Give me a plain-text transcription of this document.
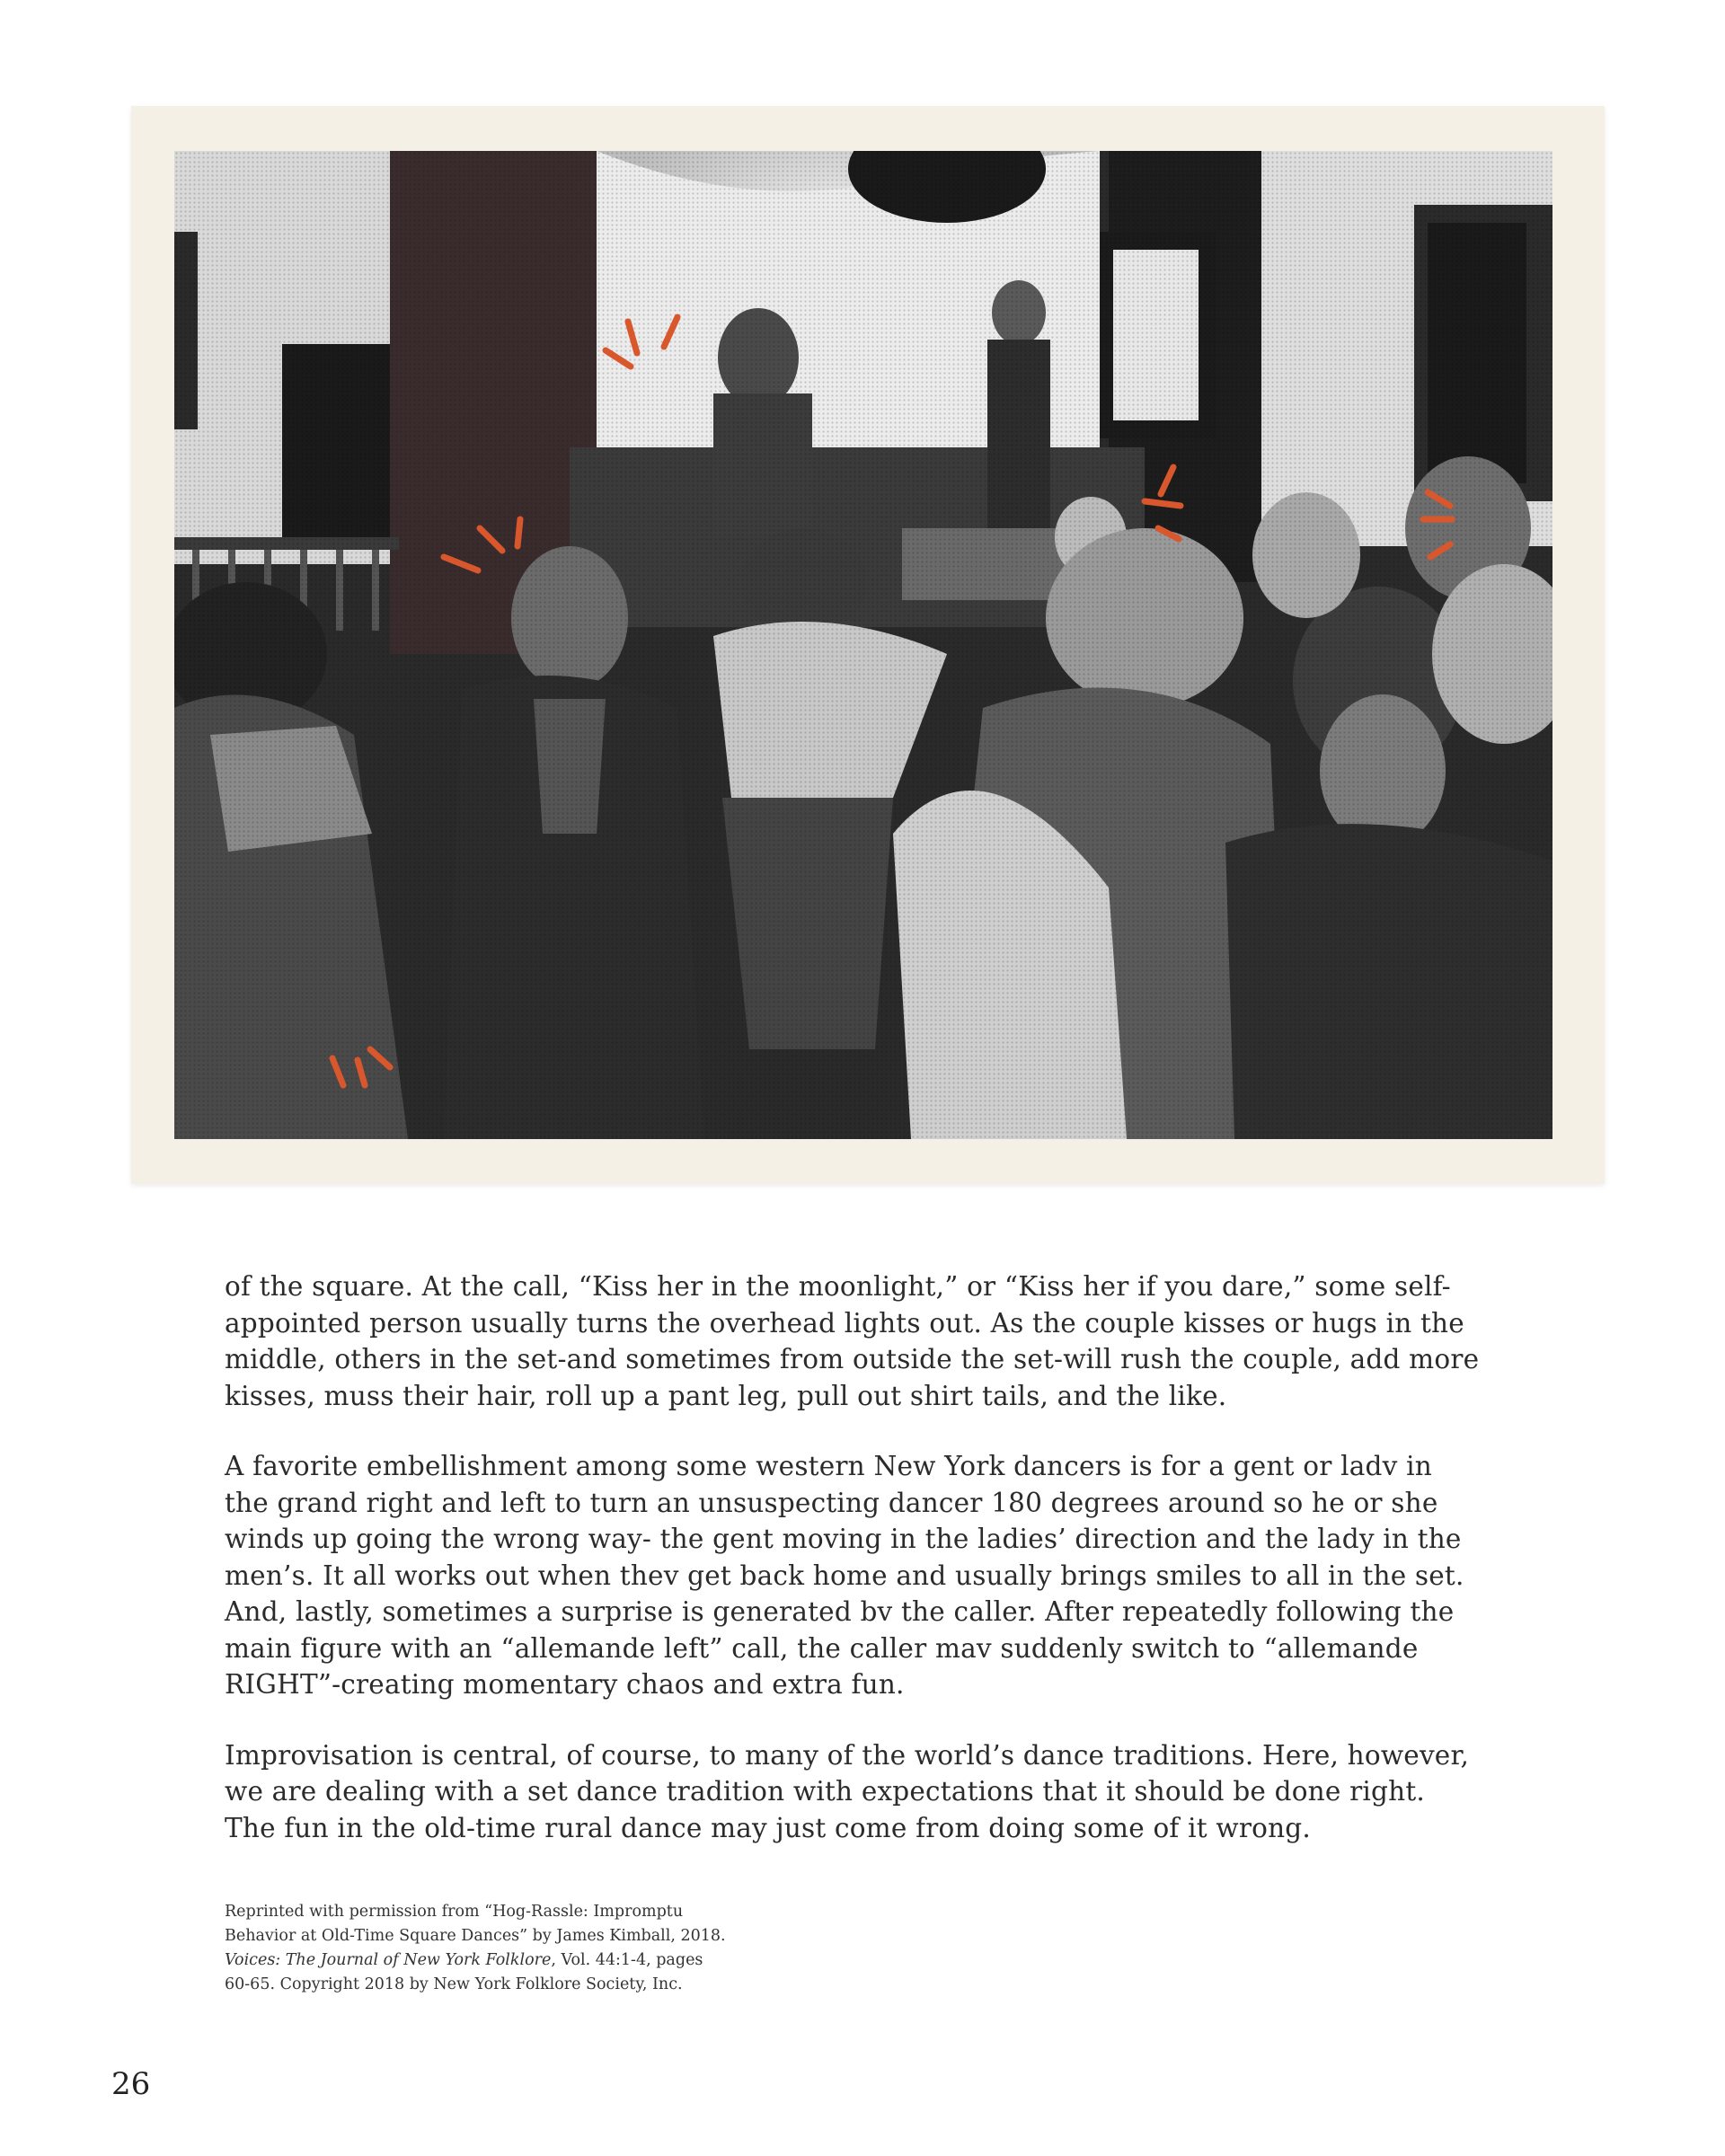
of the square. At the call, “Kiss her in the moonlight,” or “Kiss her if you dare,” some self-appointed person usually turns the overhead lights out. As the couple kisses or hugs in the middle, others in the set-and sometimes from outside the set-will rush the couple, add more kisses, muss their hair, roll up a pant leg, pull out shirt tails, and the like.

A favorite embellishment among some western New York dancers is for a gent or ladv in the grand right and left to turn an unsuspecting dancer 180 degrees around so he or she winds up going the wrong way- the gent moving in the ladies’ direction and the lady in the men’s. It all works out when thev get back home and usually brings smiles to all in the set. And, lastly, sometimes a surprise is generated bv the caller. After repeatedly following the main figure with an “allemande left” call, the caller mav suddenly switch to “allemande RIGHT”-creating momentary chaos and extra fun.

Improvisation is central, of course, to many of the world’s dance traditions. Here, however, we are dealing with a set dance tradition with expectations that it should be done right. The fun in the old-time rural dance may just come from doing some of it wrong.

Reprinted with permission from “Hog-Rassle: Impromptu
Behavior at Old-Time Square Dances” by James Kimball, 2018.
Voices: The Journal of New York Folklore, Vol. 44:1-4, pages
60-65. Copyright 2018 by New York Folklore Society, Inc.
26
